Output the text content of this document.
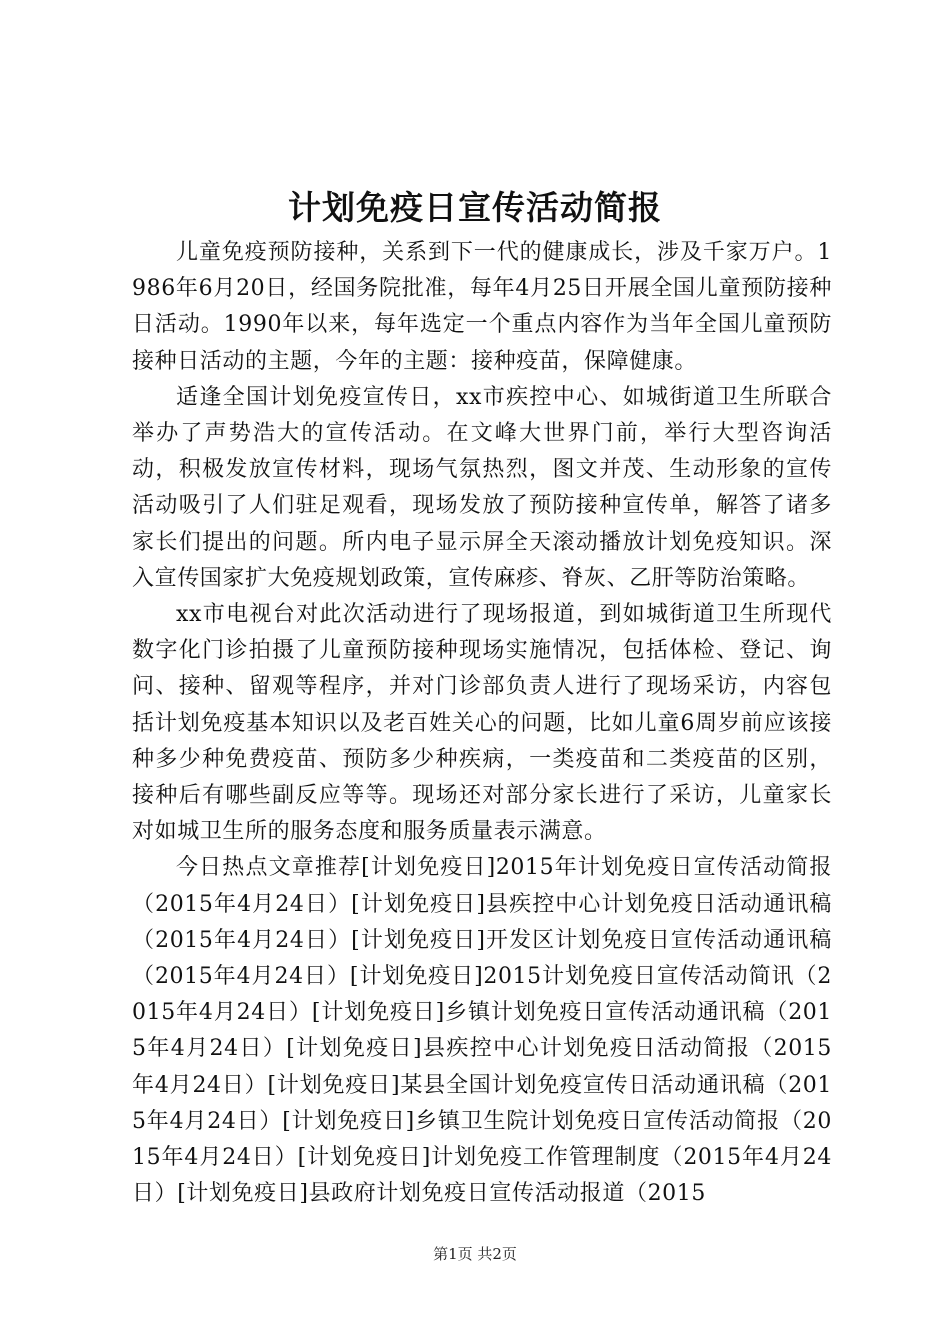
计划免疫日宣传活动简报

儿童免疫预防接种，关系到下一代的健康成长，涉及千家万户。1986年6月20日，经国务院批准，每年4月25日开展全国儿童预防接种日活动。1990年以来，每年选定一个重点内容作为当年全国儿童预防接种日活动的主题，今年的主题：接种疫苗，保障健康。

适逢全国计划免疫宣传日，xx市疾控中心、如城街道卫生所联合举办了声势浩大的宣传活动。在文峰大世界门前，举行大型咨询活动，积极发放宣传材料，现场气氛热烈，图文并茂、生动形象的宣传活动吸引了人们驻足观看，现场发放了预防接种宣传单，解答了诸多家长们提出的问题。所内电子显示屏全天滚动播放计划免疫知识。深入宣传国家扩大免疫规划政策，宣传麻疹、脊灰、乙肝等防治策略。

xx市电视台对此次活动进行了现场报道，到如城街道卫生所现代数字化门诊拍摄了儿童预防接种现场实施情况，包括体检、登记、询问、接种、留观等程序，并对门诊部负责人进行了现场采访，内容包括计划免疫基本知识以及老百姓关心的问题，比如儿童6周岁前应该接种多少种免费疫苗、预防多少种疾病，一类疫苗和二类疫苗的区别，接种后有哪些副反应等等。现场还对部分家长进行了采访，儿童家长对如城卫生所的服务态度和服务质量表示满意。

今日热点文章推荐[计划免疫日]2015年计划免疫日宣传活动简报（2015年4月24日）[计划免疫日]县疾控中心计划免疫日活动通讯稿（2015年4月24日）[计划免疫日]开发区计划免疫日宣传活动通讯稿（2015年4月24日）[计划免疫日]2015计划免疫日宣传活动简讯（2015年4月24日）[计划免疫日]乡镇计划免疫日宣传活动通讯稿（2015年4月24日）[计划免疫日]县疾控中心计划免疫日活动简报（2015年4月24日）[计划免疫日]某县全国计划免疫宣传日活动通讯稿（2015年4月24日）[计划免疫日]乡镇卫生院计划免疫日宣传活动简报（2015年4月24日）[计划免疫日]计划免疫工作管理制度（2015年4月24日）[计划免疫日]县政府计划免疫日宣传活动报道（2015

第1页 共2页
